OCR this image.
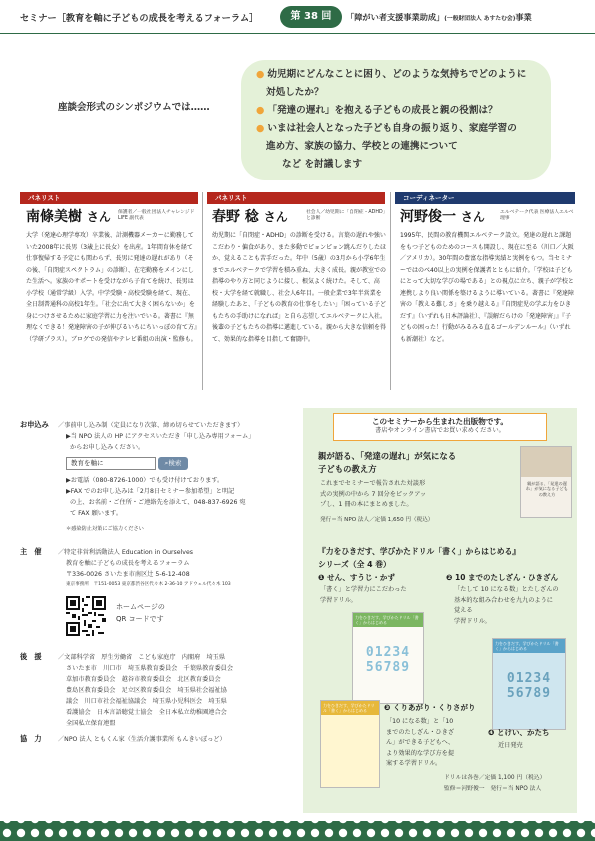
セミナー［教育を軸に子どもの成長を考えるフォーラム］	第 38 回	「障がい者支援事業助成」(一般財団法人 あすたむ会)事業
座談会形式のシンポジウムでは……
● 幼児期にどんなことに困り、どのような気持ちでどのように
対処したか？
● 「発達の遅れ」を抱える子どもの成長と親の役割は？
● いまは社会人となった子ども自身の振り返り、家庭学習の
進め方、家族の協力、学校との連携について
など を討議します
パネリスト	パネリスト	コーディネーター
南條美樹 さん 保護者／一般社団法人チャレンジド LIFE 副代表
大学（発達心理学専攻）卒業後、計測機器メーカーに勤務していた2008年に長男（3歳上に長女）を出産。1年間育休を経て仕事復帰する予定にも関わらず、長男に発達の遅れがあり（その後、「自閉症スペクトラム」の診断）、在宅勤務をメインにした生活へ。家族のサポートを受けながら子育てを続け、長男は小学校（通常学級）入学。中学受験・高校受験を経て、現在、全日制普通科の高校1年生。「社会に出て大きく困らないか」を身につけさせるために家庭学習に力を注いでいる。著書に『無理なくできる！発達障害の子が伸びるいちにちいっぽの育て方』（学研プラス）。ブログでの発信やテレビ番組の出演・監修も。
春野 稔 さん	社会人／幼児期に「自閉症・ADHD」と診断
幼児期に「自閉症・ADHD」の診断を受ける。言葉の遅れや強いこだわり・偏食があり、また多動でピョンピョン跳んだりしたほか、覚えることも苦手だった。年中（5歳）の3月から小学6年生までエルベテークで学習を積み重ね、大きく成長。親が教室での指導のやり方と同じように接し、根気よく続けた。そして、高校・大学を経て就職し、社会人6年目。一般企業で3年半営業を経験したあと、「子どもの教育の仕事をしたい」「困っている子どもたちの手助けになれば」と自ら志望してエルベテークに入社。後輩の子どもたちの指導に邁進している。親から大きな信頼を得て、効果的な指導を目指して奮闘中。
河野俊一 さん	エルベテーク代表 医療法人エルベ理事
1995年、民間の教育機関エルベテーク設立。発達の遅れと課題をもつ子どものためのコースも開設し、現在に至る（川口／大阪／アメリカ）。30年間の豊富な指導実績と実例をもつ。当セミナーではのべ40以上の実例を保護者とともに紹介。「学校は子どもにとって大切な学びの場である」との視点に立ち、親子が学校と連携しより良い関係を築けるように導いている。著書に『発達障害の「教える難しさ」を乗り越える』『自閉症児の学ぶ力をひきだす』（いずれも日本評論社）、『誤解だらけの「発達障害」』『子どもの困った！行動がみるみる直るゴールデンルール』（いずれも新潮社）など。
お申込み ／事前申し込み制（定員になり次第、締め切らせていただきます）
▶当 NPO 法人の HP にアクセスいただき「申し込み専用フォーム」
からお申し込みください。
教育を軸に	⌕検索
▶お電話（080-8726-1000）でも受け付けております。
▶FAX でのお申し込みは「2月8日セミナー参加希望」と明記
の上、お名前・ご住所・ご連絡先を添えて、048-837-6926 宛
て FAX 願います。
＊感染防止対策にご協力ください
主　催	／特定非営利活動法人 Education in Ourselves
教育を軸に子どもの成長を考えるフォーラム
〒336-0026 さいたま市南区辻 5-6-12-408
東京事務所　〒151-0053 東京都渋谷区代々木 2-36-10 アドウェル代々木 103
ホームページの
QR コードです
後　援	／文部科学省　厚生労働省　こども家庭庁　内閣府　埼玉県
さいたま市　川口市　埼玉県教育委員会　千葉県教育委員会
草加市教育委員会　越谷市教育委員会　北区教育委員会
豊島区教育委員会　足立区教育委員会　埼玉県社会福祉協
議会　川口市社会福祉協議会　埼玉県小児科医会　埼玉県
看護協会　日本言語聴覚士協会　全日本私立幼稚園連合会
全国私立保育連盟
協　力	／NPO 法人 ともくん家（生活介護事業所 もんきいぽっど）
このセミナーから生まれた出版物です。
書店やオンライン書店でお買い求めください。
親が語る、「発達の遅れ」が気になる
子どもの教え方
これまでセミナーで報告された対談形
式の実例の中から 7 回分をピックアッ
プし、1 冊の本にまとめました。
発行＝当 NPO 法人／定価 1,650 円（税込）
親が語る、「発達の遅れ」が気になる子どもの教え方
『力をひきだす、学びかたドリル「書く」からはじめる』
シリーズ（全 4 巻）
❶ せん、すうじ・かず
「書く」と学習力にこだわった
学習ドリル。
❷ 10 までのたしざん・ひきざん
「たして 10 になる数」とたしざんの
基本的な組み合わせを九九のように
覚える
学習ドリル。
力をひきだす、学びかたドリル「書く」からはじめる
01234
56789
力をひきだす、学びかたドリル「書く」からはじめる
01234
56789
力をひきだす、学びかたドリル「書く」からはじめる	❸ くりあがり・くりさがり
「10 になる数」と「10
までのたしざん・ひきざ
ん」ができる子どもへ、
より効果的な学び方を提
案する学習ドリル。
❹ とけい、かたち
近日発売
ドリルは各巻／定価 1,100 円（税込）
監修＝河野俊一　発行＝当 NPO 法人
